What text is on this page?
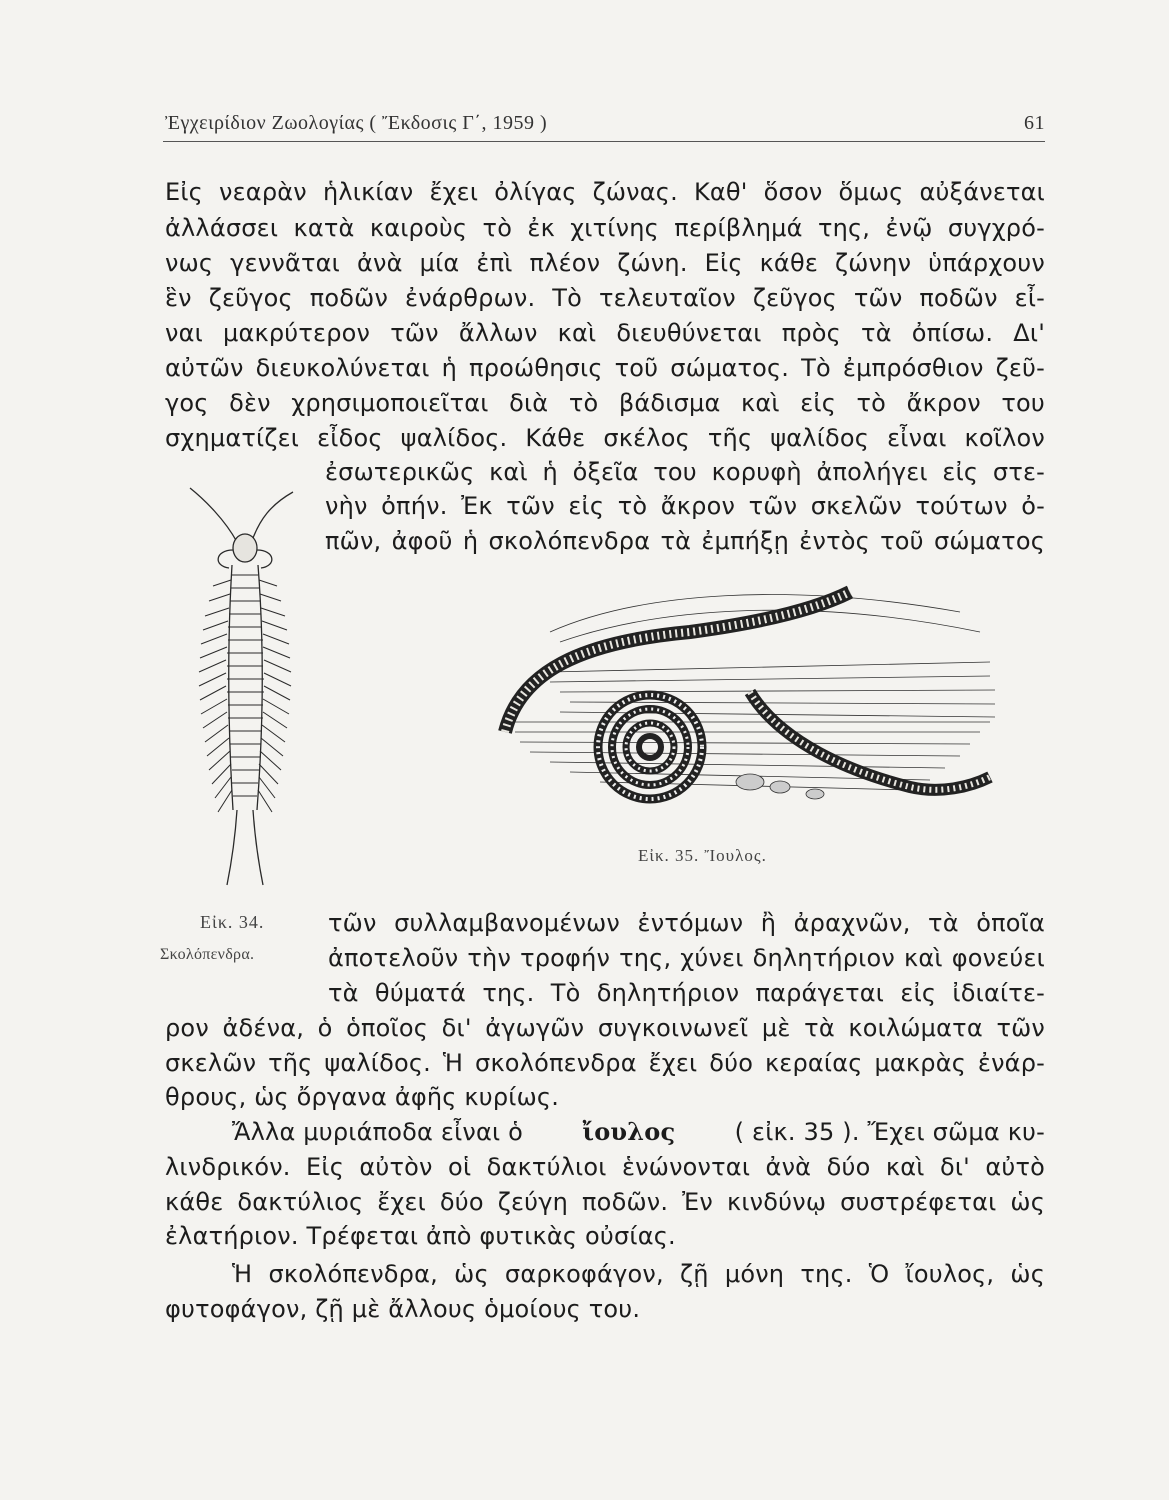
Ἐγχειρίδιον Ζωολογίας ( Ἔκδοσις Γ΄, 1959 )	61
Εἰς νεαρὰν ἡλικίαν ἔχει ὀλίγας ζώνας. Καθ' ὅσον ὅμως αὐξάνεται
ἀλλάσσει κατὰ καιροὺς τὸ ἐκ χιτίνης περίβλημά της, ἐνῷ συγχρό-
νως γεννᾶται ἀνὰ μία ἐπὶ πλέον ζώνη. Εἰς κάθε ζώνην ὑπάρχουν
ἓν ζεῦγος ποδῶν ἐνάρθρων. Τὸ τελευταῖον ζεῦγος τῶν ποδῶν εἶ-
ναι μακρύτερον τῶν ἄλλων καὶ διευθύνεται πρὸς τὰ ὀπίσω. Δι'
αὐτῶν διευκολύνεται ἡ προώθησις τοῦ σώματος. Τὸ ἐμπρόσθιον ζεῦ-
γος δὲν χρησιμοποιεῖται διὰ τὸ βάδισμα καὶ εἰς τὸ ἄκρον του
σχηματίζει εἶδος ψαλίδος. Κάθε σκέλος τῆς ψαλίδος εἶναι κοῖλον
ἐσωτερικῶς καὶ ἡ ὀξεῖα του κορυφὴ ἀπολήγει εἰς στε-
νὴν ὀπήν. Ἐκ τῶν εἰς τὸ ἄκρον τῶν σκελῶν τούτων ὀ-
πῶν, ἀφοῦ ἡ σκολόπενδρα τὰ ἐμπήξῃ ἐντὸς τοῦ σώματος
Εἰκ. 35. Ἴουλος.
Εἰκ. 34.
Σκολόπενδρα.
τῶν συλλαμβανομένων ἐντόμων ἢ ἀραχνῶν, τὰ ὁποῖα
ἀποτελοῦν τὴν τροφήν της, χύνει δηλητήριον καὶ φονεύει
τὰ θύματά της. Τὸ δηλητήριον παράγεται εἰς ἰδιαίτε-
ρον ἀδένα, ὁ ὁποῖος δι' ἀγωγῶν συγκοινωνεῖ μὲ τὰ κοιλώματα τῶν
σκελῶν τῆς ψαλίδος. Ἡ σκολόπενδρα ἔχει δύο κεραίας μακρὰς ἐνάρ-
θρους, ὡς ὄργανα ἀφῆς κυρίως.
Ἄλλα μυριάποδα εἶναι ὁ ἴουλος ( εἰκ. 35 ). Ἔχει σῶμα κυ-
λινδρικόν. Εἰς αὐτὸν οἱ δακτύλιοι ἑνώνονται ἀνὰ δύο καὶ δι' αὐτὸ
κάθε δακτύλιος ἔχει δύο ζεύγη ποδῶν. Ἐν κινδύνῳ συστρέφεται ὡς
ἐλατήριον. Τρέφεται ἀπὸ φυτικὰς οὐσίας.
Ἡ σκολόπενδρα, ὡς σαρκοφάγον, ζῇ μόνη της. Ὁ ἴουλος, ὡς
φυτοφάγον, ζῇ μὲ ἄλλους ὁμοίους του.
